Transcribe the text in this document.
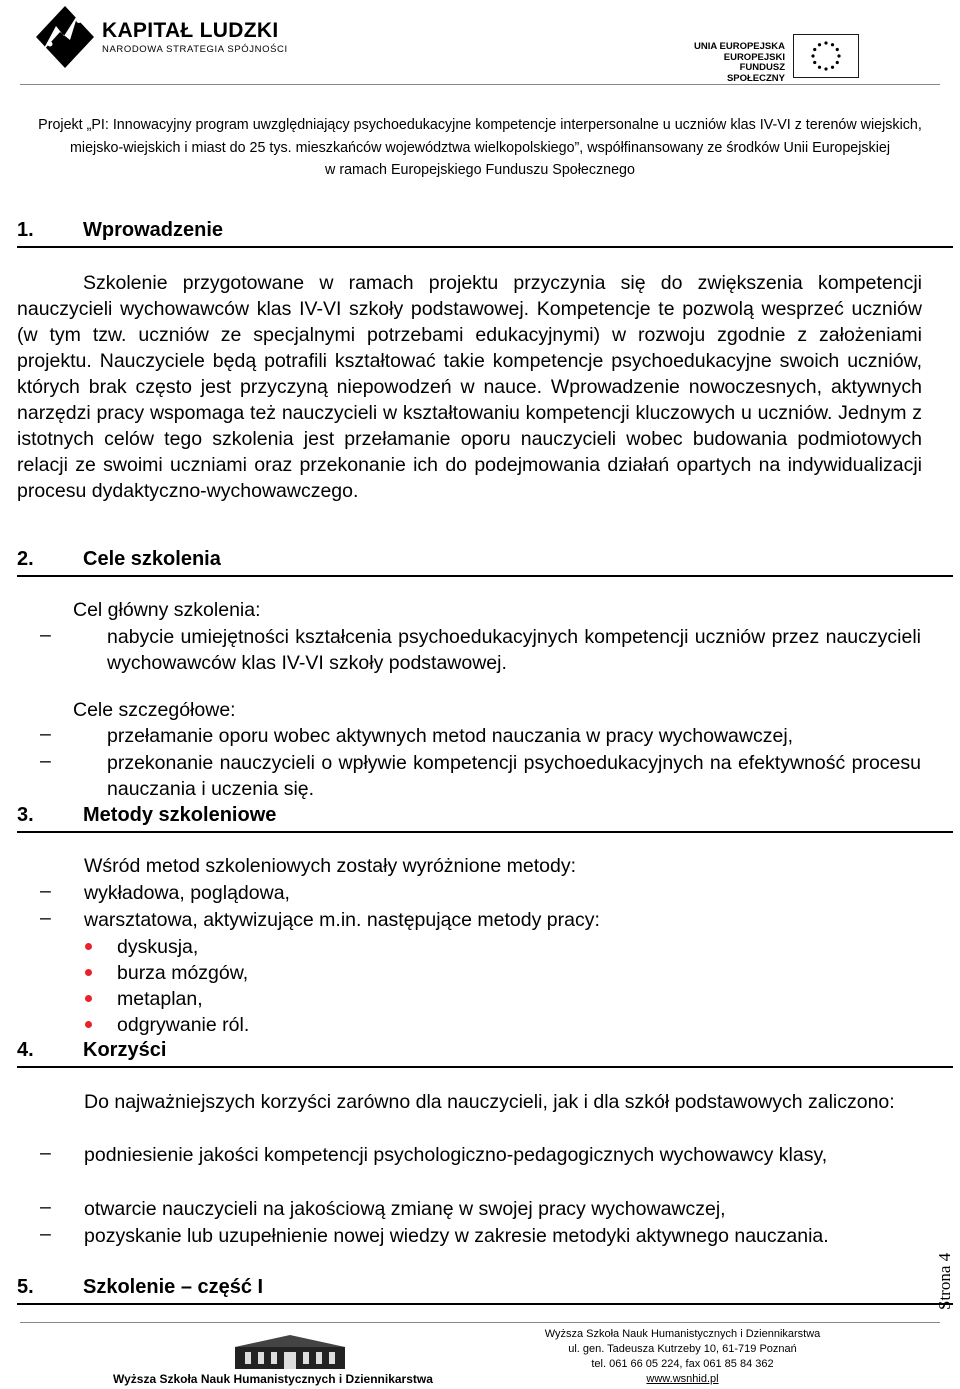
KAPITAŁ LUDZKI
NARODOWA STRATEGIA SPÓJNOŚCI	UNIA EUROPEJSKA
EUROPEJSKI
FUNDUSZ SPOŁECZNY
Projekt „PI: Innowacyjny program uwzględniający psychoedukacyjne kompetencje interpersonalne u uczniów klas IV-VI z terenów wiejskich,
miejsko-wiejskich i miast do 25 tys. mieszkańców województwa wielkopolskiego”, współfinansowany ze środków Unii Europejskiej
w ramach Europejskiego Funduszu Społecznego
1. Wprowadzenie
Szkolenie przygotowane w ramach projektu przyczynia się do zwiększenia kompetencji nauczycieli wychowawców klas IV-VI szkoły podstawowej. Kompetencje te pozwolą wesprzeć uczniów (w tym tzw. uczniów ze specjalnymi potrzebami edukacyjnymi) w rozwoju zgodnie z założeniami projektu. Nauczyciele będą potrafili kształtować takie kompetencje psychoedukacyjne swoich uczniów, których brak często jest przyczyną niepowodzeń w nauce. Wprowadzenie nowoczesnych, aktywnych narzędzi pracy wspomaga też nauczycieli w kształtowaniu kompetencji kluczowych u uczniów. Jednym z istotnych celów tego szkolenia jest przełamanie oporu nauczycieli wobec budowania podmiotowych relacji ze swoimi uczniami oraz przekonanie ich do podejmowania działań opartych na indywidualizacji procesu dydaktyczno-wychowawczego.
2. Cele szkolenia
Cel główny szkolenia:
–	nabycie umiejętności kształcenia psychoedukacyjnych kompetencji uczniów przez nauczycieli wychowawców klas IV-VI szkoły podstawowej.
Cele szczegółowe:
–	przełamanie oporu wobec aktywnych metod nauczania w pracy wychowawczej,
–	przekonanie nauczycieli o wpływie kompetencji psychoedukacyjnych na efektywność procesu nauczania i uczenia się.
3. Metody szkoleniowe
Wśród metod szkoleniowych zostały wyróżnione metody:
– wykładowa, poglądowa,
– warsztatowa, aktywizujące m.in. następujące metody pracy:
dyskusja,
burza mózgów,
metaplan,
odgrywanie ról.
4. Korzyści
Do najważniejszych korzyści zarówno dla nauczycieli, jak i dla szkół podstawowych zaliczono:
– podniesienie jakości kompetencji psychologiczno-pedagogicznych wychowawcy klasy,
– otwarcie nauczycieli na jakościową zmianę w swojej pracy wychowawczej,
– pozyskanie lub uzupełnienie nowej wiedzy w zakresie metodyki aktywnego nauczania.
5. Szkolenie – część I	Strona 4
Wyższa Szkoła Nauk Humanistycznych i Dziennikarstwa
Wyższa Szkoła Nauk Humanistycznych i Dziennikarstwa
ul. gen. Tadeusza Kutrzeby 10, 61-719 Poznań
tel. 061 66 05 224, fax 061 85 84 362
www.wsnhid.pl
